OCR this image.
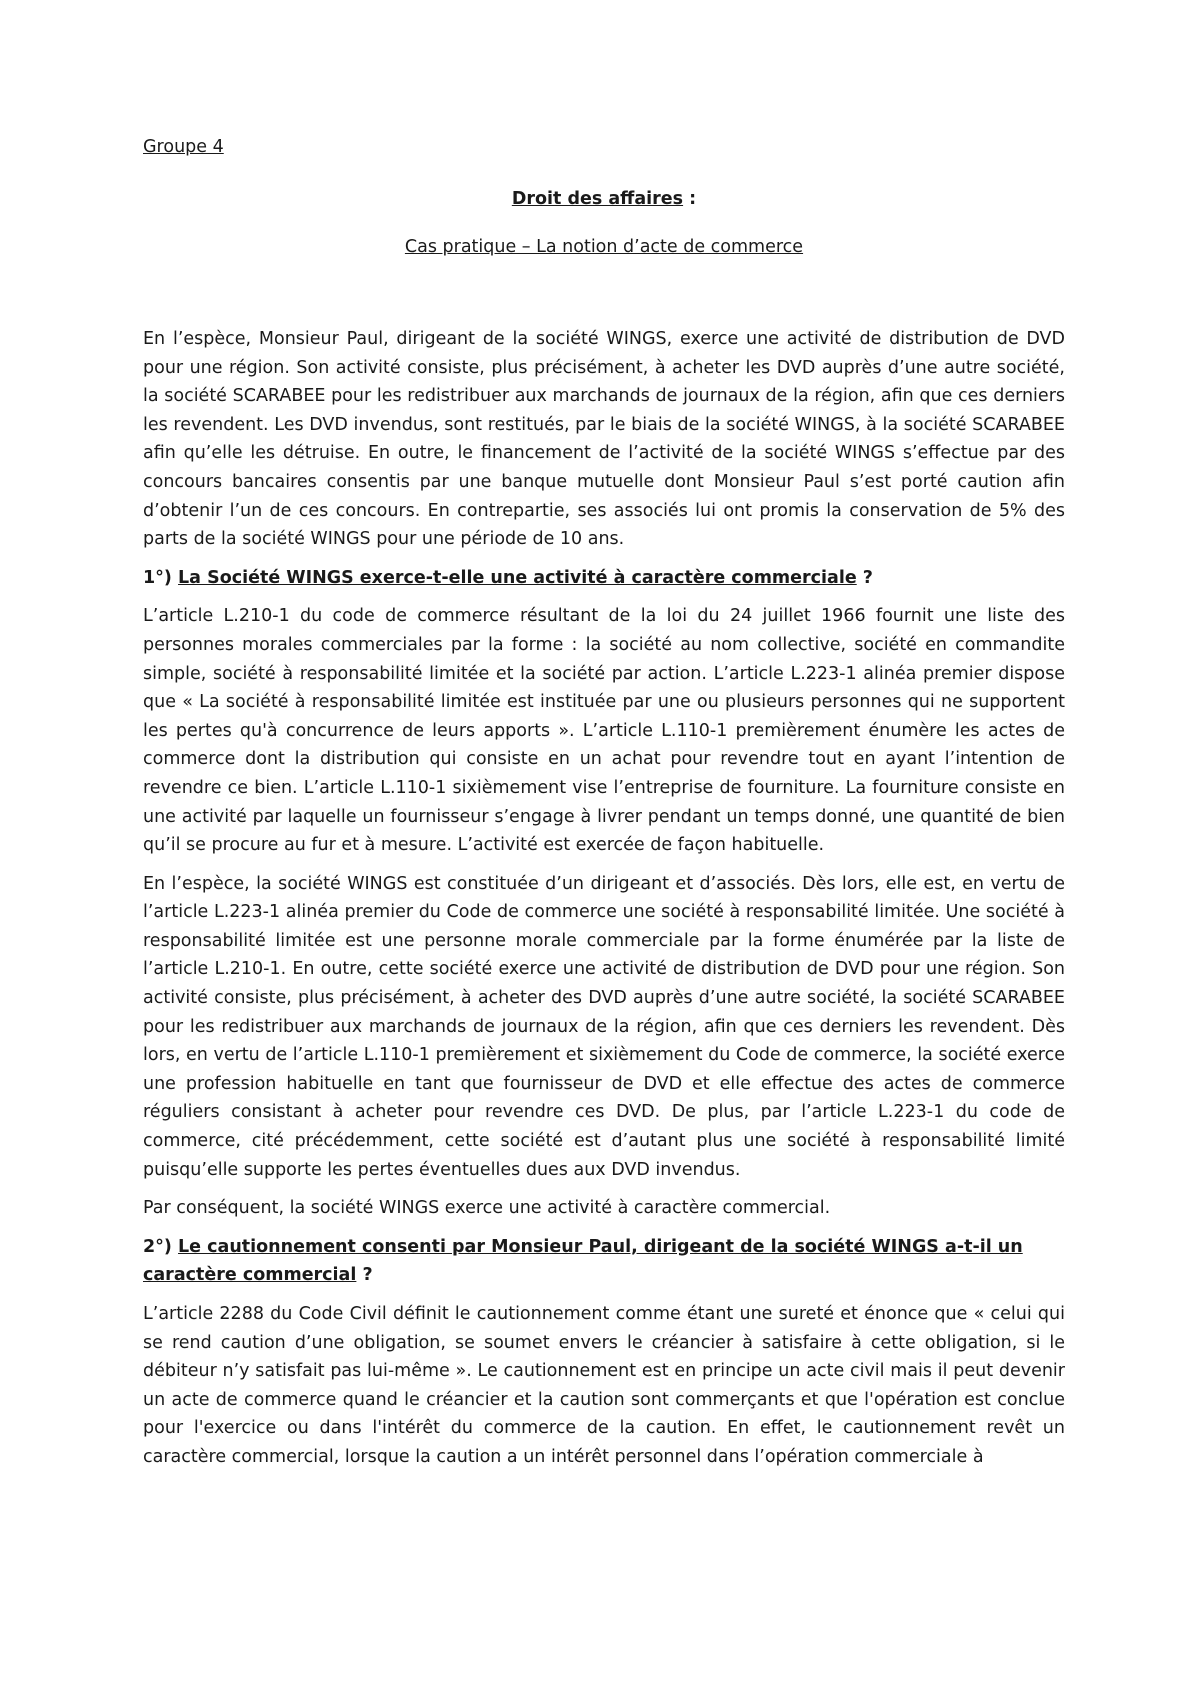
Groupe 4
Droit des affaires :
Cas pratique – La notion d’acte de commerce

En l’espèce, Monsieur Paul, dirigeant de la société WINGS, exerce une activité de distribution de DVD pour une région. Son activité consiste, plus précisément, à acheter les DVD auprès d’une autre société, la société SCARABEE pour les redistribuer aux marchands de journaux de la région, afin que ces derniers les revendent. Les DVD invendus, sont restitués, par le biais de la société WINGS, à la société SCARABEE afin qu’elle les détruise. En outre, le financement de l’activité de la société WINGS s’effectue par des concours bancaires consentis par une banque mutuelle dont Monsieur Paul s’est porté caution afin d’obtenir l’un de ces concours. En contrepartie, ses associés lui ont promis la conservation de 5% des parts de la société WINGS pour une période de 10 ans.

1°) La Société WINGS exerce-t-elle une activité à caractère commerciale ?

L’article L.210-1 du code de commerce résultant de la loi du 24 juillet 1966 fournit une liste des personnes morales commerciales par la forme : la société au nom collective, société en commandite simple, société à responsabilité limitée et la société par action. L’article L.223-1 alinéa premier dispose que « La société à responsabilité limitée est instituée par une ou plusieurs personnes qui ne supportent les pertes qu'à concurrence de leurs apports ». L’article L.110-1 premièrement énumère les actes de commerce dont la distribution qui consiste en un achat pour revendre tout en ayant l’intention de revendre ce bien. L’article L.110-1 sixièmement vise l’entreprise de fourniture. La fourniture consiste en une activité par laquelle un fournisseur s’engage à livrer pendant un temps donné, une quantité de bien qu’il se procure au fur et à mesure. L’activité est exercée de façon habituelle.

En l’espèce, la société WINGS est constituée d’un dirigeant et d’associés. Dès lors, elle est, en vertu de l’article L.223-1 alinéa premier du Code de commerce une société à responsabilité limitée. Une société à responsabilité limitée est une personne morale commerciale par la forme énumérée par la liste de l’article L.210-1. En outre, cette société exerce une activité de distribution de DVD pour une région. Son activité consiste, plus précisément, à acheter des DVD auprès d’une autre société, la société SCARABEE pour les redistribuer aux marchands de journaux de la région, afin que ces derniers les revendent. Dès lors, en vertu de l’article L.110-1 premièrement et sixièmement du Code de commerce, la société exerce une profession habituelle en tant que fournisseur de DVD et elle effectue des actes de commerce réguliers consistant à acheter pour revendre ces DVD. De plus, par l’article L.223-1 du code de commerce, cité précédemment, cette société est d’autant plus une société à responsabilité limité puisqu’elle supporte les pertes éventuelles dues aux DVD invendus.

Par conséquent, la société WINGS exerce une activité à caractère commercial.

2°) Le cautionnement consenti par Monsieur Paul, dirigeant de la société WINGS a-t-il un caractère commercial ?

L’article 2288 du Code Civil définit le cautionnement comme étant une sureté et énonce que « celui qui se rend caution d’une obligation, se soumet envers le créancier à satisfaire à cette obligation, si le débiteur n’y satisfait pas lui-même ». Le cautionnement est en principe un acte civil mais il peut devenir un acte de commerce quand le créancier et la caution sont commerçants et que l'opération est conclue pour l'exercice ou dans l'intérêt du commerce de la caution. En effet, le cautionnement revêt un caractère commercial, lorsque la caution a un intérêt personnel dans l’opération commerciale à
